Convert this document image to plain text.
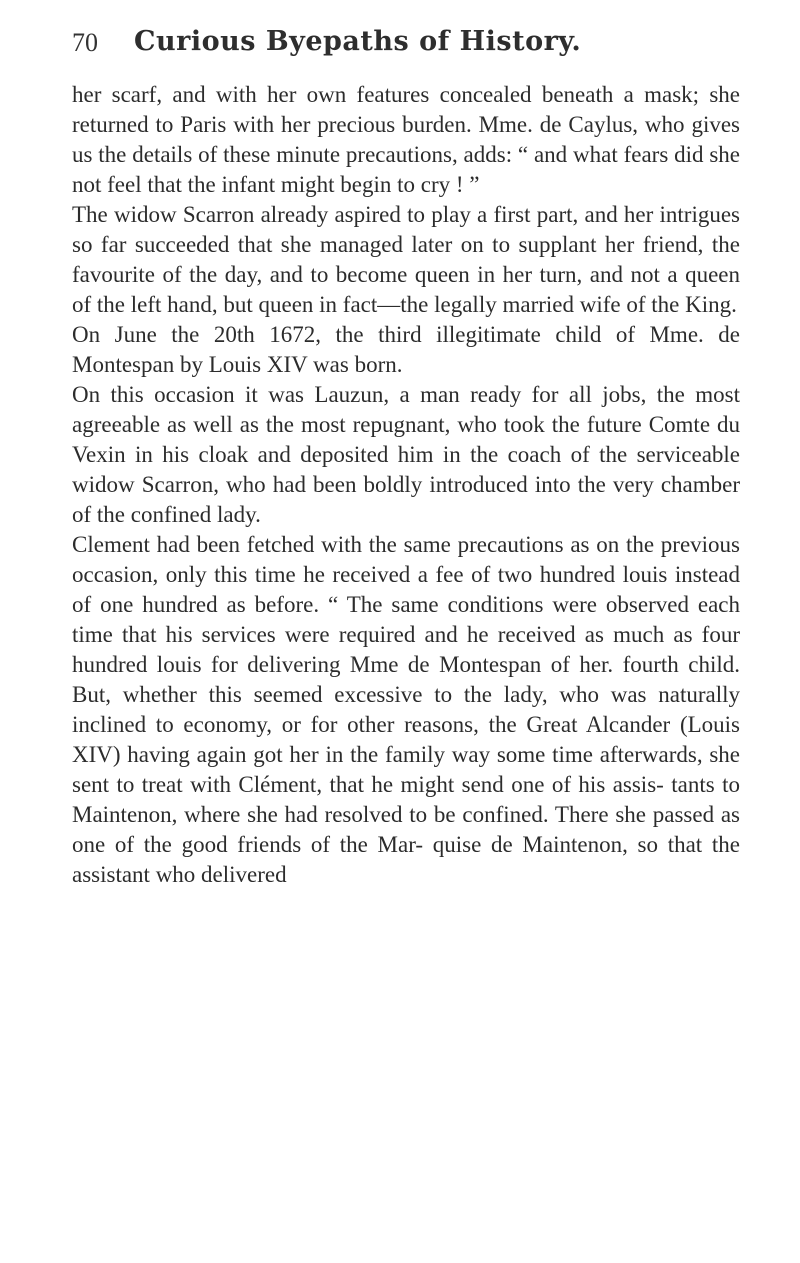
70 Curious Byepaths of History.

her scarf, and with her own features concealed beneath a mask; she returned to Paris with her precious burden. Mme. de Caylus, who gives us the details of these minute precautions, adds: “ and what fears did she not feel that the infant might begin to cry ! ”

The widow Scarron already aspired to play a first part, and her intrigues so far succeeded that she managed later on to supplant her friend, the favourite of the day, and to become queen in her turn, and not a queen of the left hand, but queen in fact—the legally married wife of the King.

On June the 20th 1672, the third illegitimate child of Mme. de Montespan by Louis XIV was born.

On this occasion it was Lauzun, a man ready for all jobs, the most agreeable as well as the most repugnant, who took the future Comte du Vexin in his cloak and deposited him in the coach of the serviceable widow Scarron, who had been boldly introduced into the very chamber of the confined lady.

Clement had been fetched with the same precautions as on the previous occasion, only this time he received a fee of two hundred louis instead of one hundred as before. “ The same conditions were observed each time that his services were required and he received as much as four hundred louis for delivering Mme de Montespan of her. fourth child. But, whether this seemed excessive to the lady, who was naturally inclined to economy, or for other reasons, the Great Alcander (Louis XIV) having again got her in the family way some time afterwards, she sent to treat with Clément, that he might send one of his assis- tants to Maintenon, where she had resolved to be confined. There she passed as one of the good friends of the Mar- quise de Maintenon, so that the assistant who delivered
